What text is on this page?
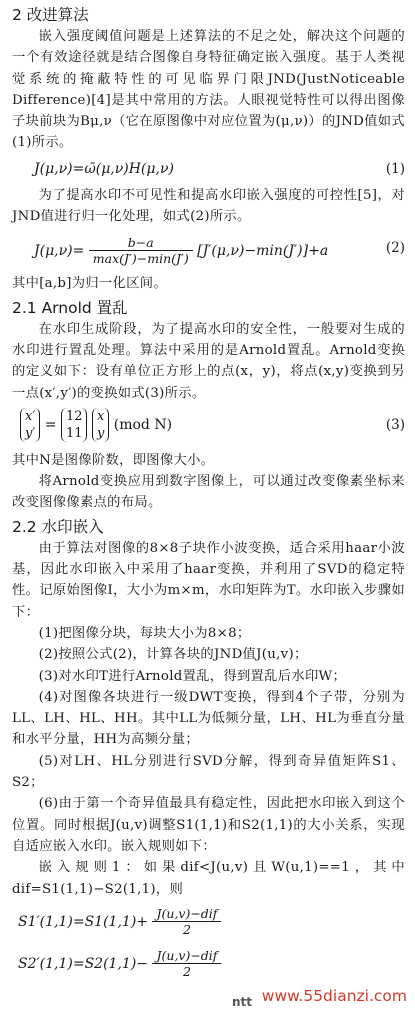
2 改进算法

嵌入强度阈值问题是上述算法的不足之处，解决这个问题的一个有效途径就是结合图像自身特征确定嵌入强度。基于人类视觉系统的掩蔽特性的可见临界门限JND(JustNoticeable Difference)[4]是其中常用的方法。人眼视觉特性可以得出图像子块前块为Bμ,ν（它在原图像中对应位置为(μ,ν)）的JND值如式(1)所示。

J(μ,ν)=ω̄(μ,ν)H(μ,ν)	(1)

为了提高水印不可见性和提高水印嵌入强度的可控性[5]，对JND值进行归一化处理，如式(2)所示。

$J(\mu,\nu)= \frac{b-a}{\max(J')-\min(J')} [J'(\mu,\nu)-\min(J')]+a$	(2)

其中[a,b]为归一化区间。

2.1 Arnold 置乱

在水印生成阶段，为了提高水印的安全性，一般要对生成的水印进行置乱处理。算法中采用的是Arnold置乱。Arnold变换的定义如下：设有单位正方形上的点(x，y)，将点(x,y)变换到另一点(x′,y′)的变换如式(3)所示。

x′
y′
=
12
11

x
y
(mod N)	(3)

其中N是图像阶数，即图像大小。

将Arnold变换应用到数字图像上，可以通过改变像素坐标来改变图像像素点的布局。

2.2 水印嵌入

由于算法对图像的8×8子块作小波变换，适合采用haar小波基，因此水印嵌入中采用了haar变换，并利用了SVD的稳定特性。记原始图像I，大小为m×m，水印矩阵为T。水印嵌入步骤如下：

(1)把图像分块，每块大小为8×8；

(2)按照公式(2)，计算各块的JND值J(u,v)；

(3)对水印T进行Arnold置乱，得到置乱后水印W；

(4)对图像各块进行一级DWT变换，得到4个子带，分别为LL、LH、HL、HH。其中LL为低频分量，LH、HL为垂直分量和水平分量，HH为高频分量；

(5)对LH、HL分别进行SVD分解，得到奇异值矩阵S1、S2；

(6)由于第一个奇异值最具有稳定性，因此把水印嵌入到这个位置。同时根据J(u,v)调整S1(1,1)和S2(1,1)的大小关系，实现自适应嵌入水印。嵌入规则如下：

嵌入规则1：如果dif<J(u,v)且W(u,1)==1，其中dif=S1(1,1)−S2(1,1)，则

$S1'(1,1)=S1(1,1)+ \frac{\text{J(u,v)−dif}}{2}$
$S2'(1,1)=S2(1,1)- \frac{\text{J(u,v)−dif}}{2}$
ntt www.55dianzi.com
